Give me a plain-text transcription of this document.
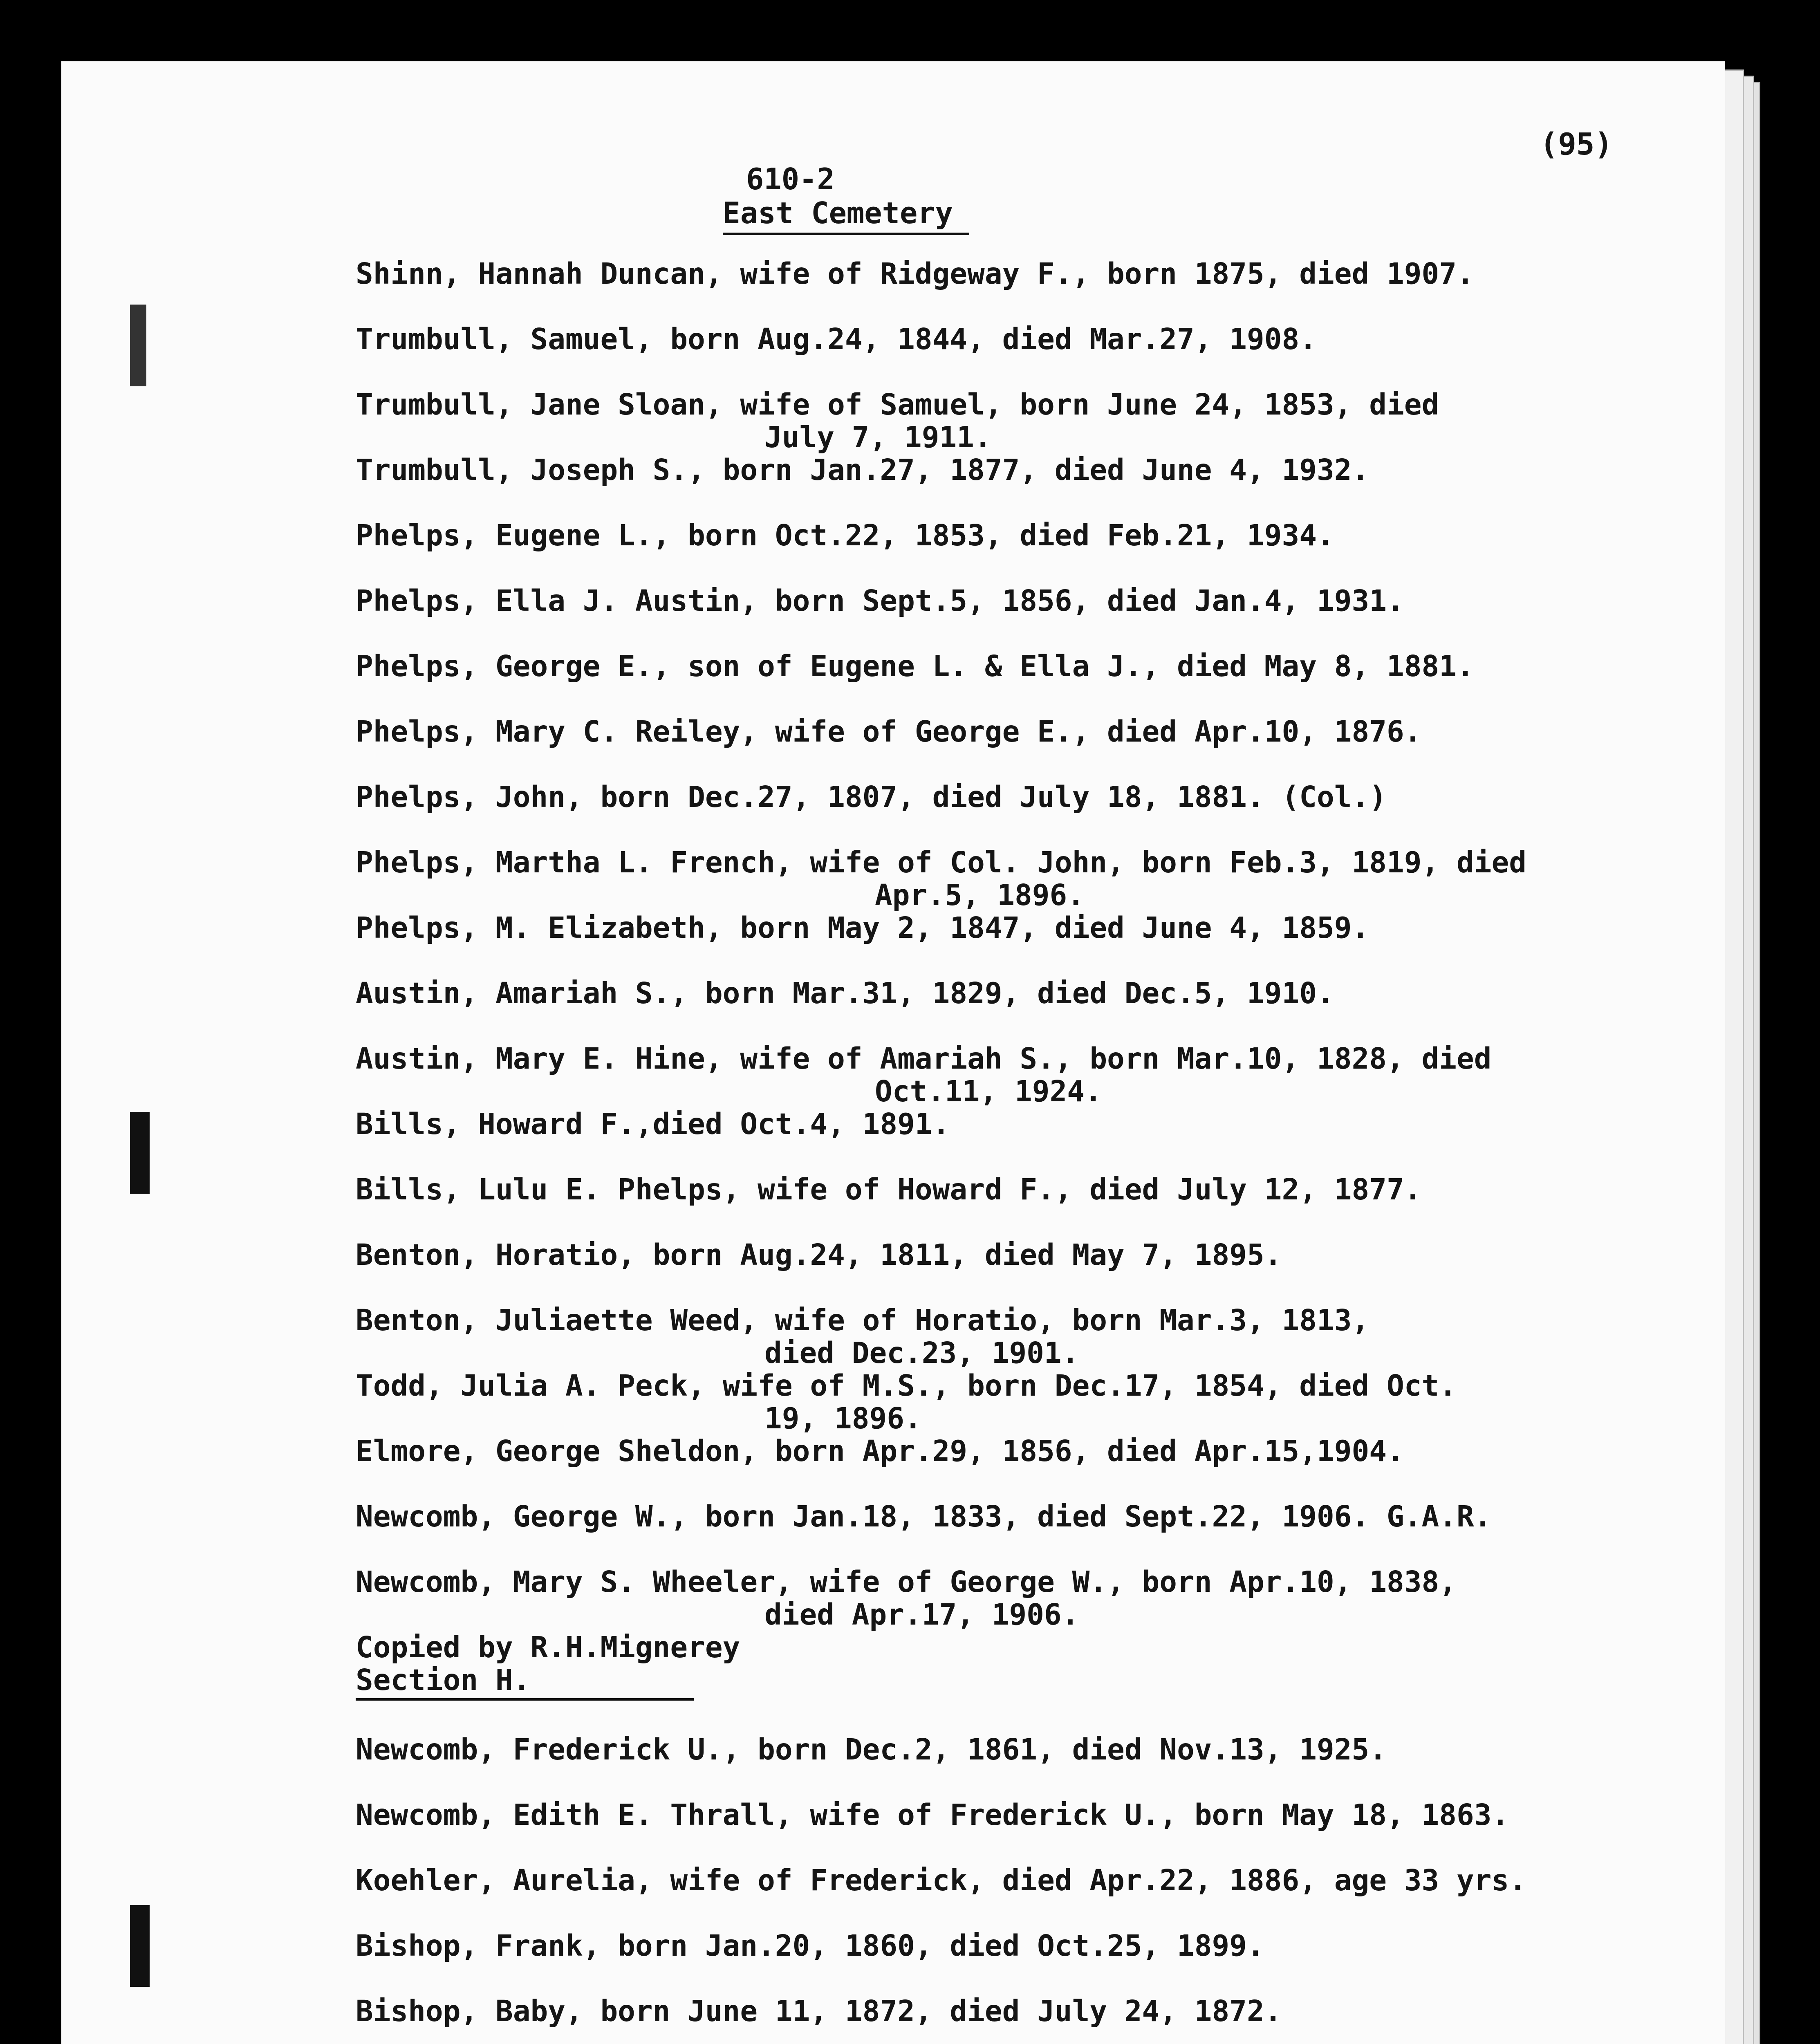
(95)
610-2
East Cemetery
Shinn, Hannah Duncan, wife of Ridgeway F., born 1875, died 1907.
Trumbull, Samuel, born Aug.24, 1844, died Mar.27, 1908.
Trumbull, Jane Sloan, wife of Samuel, born June 24, 1853, died
July 7, 1911.
Trumbull, Joseph S., born Jan.27, 1877, died June 4, 1932.
Phelps, Eugene L., born Oct.22, 1853, died Feb.21, 1934.
Phelps, Ella J. Austin, born Sept.5, 1856, died Jan.4, 1931.
Phelps, George E., son of Eugene L. & Ella J., died May 8, 1881.
Phelps, Mary C. Reiley, wife of George E., died Apr.10, 1876.
Phelps, John, born Dec.27, 1807, died July 18, 1881. (Col.)
Phelps, Martha L. French, wife of Col. John, born Feb.3, 1819, died
Apr.5, 1896.
Phelps, M. Elizabeth, born May 2, 1847, died June 4, 1859.
Austin, Amariah S., born Mar.31, 1829, died Dec.5, 1910.
Austin, Mary E. Hine, wife of Amariah S., born Mar.10, 1828, died
Oct.11, 1924.
Bills, Howard F.,died Oct.4, 1891.
Bills, Lulu E. Phelps, wife of Howard F., died July 12, 1877.
Benton, Horatio, born Aug.24, 1811, died May 7, 1895.
Benton, Juliaette Weed, wife of Horatio, born Mar.3, 1813,
died Dec.23, 1901.
Todd, Julia A. Peck, wife of M.S., born Dec.17, 1854, died Oct.
19, 1896.
Elmore, George Sheldon, born Apr.29, 1856, died Apr.15,1904.
Newcomb, George W., born Jan.18, 1833, died Sept.22, 1906. G.A.R.
Newcomb, Mary S. Wheeler, wife of George W., born Apr.10, 1838,
died Apr.17, 1906.
Copied by R.H.Mignerey
Section H.
Newcomb, Frederick U., born Dec.2, 1861, died Nov.13, 1925.
Newcomb, Edith E. Thrall, wife of Frederick U., born May 18, 1863.
Koehler, Aurelia, wife of Frederick, died Apr.22, 1886, age 33 yrs.
Bishop, Frank, born Jan.20, 1860, died Oct.25, 1899.
Bishop, Baby, born June 11, 1872, died July 24, 1872.
